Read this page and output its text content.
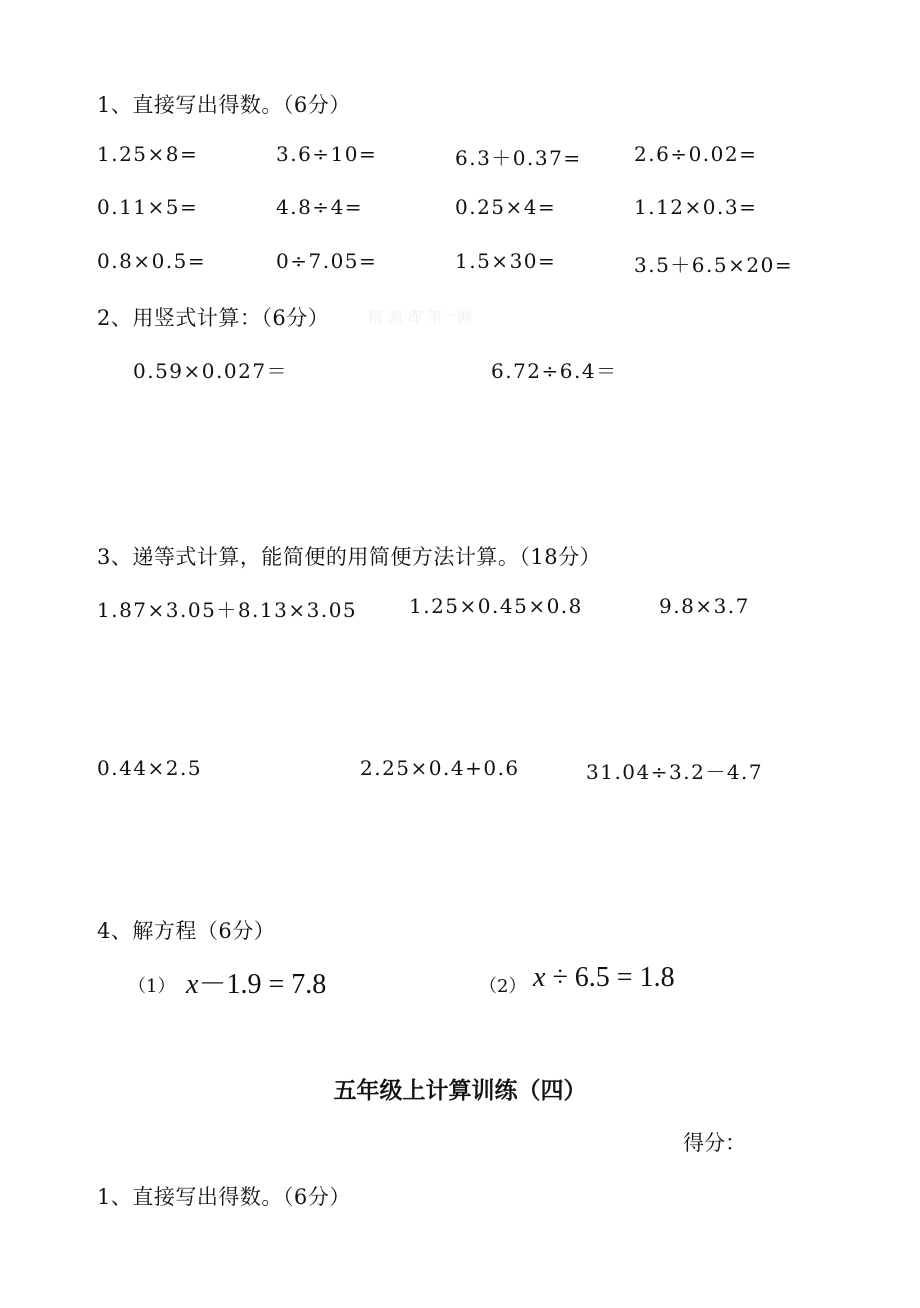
1、直接写出得数。（6分）
1.25×8=	3.6÷10=	6.3＋0.37=	2.6÷0.02=
0.11×5=	4.8÷4=	0.25×4=	1.12×0.3=
0.8×0.5=	0÷7.05=	1.5×30=	3.5＋6.5×20=
2、用竖式计算：（6分）	精 源 库 第一网
0.59×0.027＝	6.72÷6.4＝
3、递等式计算，能简便的用简便方法计算。（18分）
1.87×3.05＋8.13×3.05	1.25×0.45×0.8	9.8×3.7
0.44×2.5	2.25×0.4+0.6	31.04÷3.2－4.7
4、解方程（6分）
（1） x－1.9 = 7.8	（2） x ÷ 6.5 = 1.8
五年级上计算训练（四）
得分：
1、直接写出得数。（6分）
